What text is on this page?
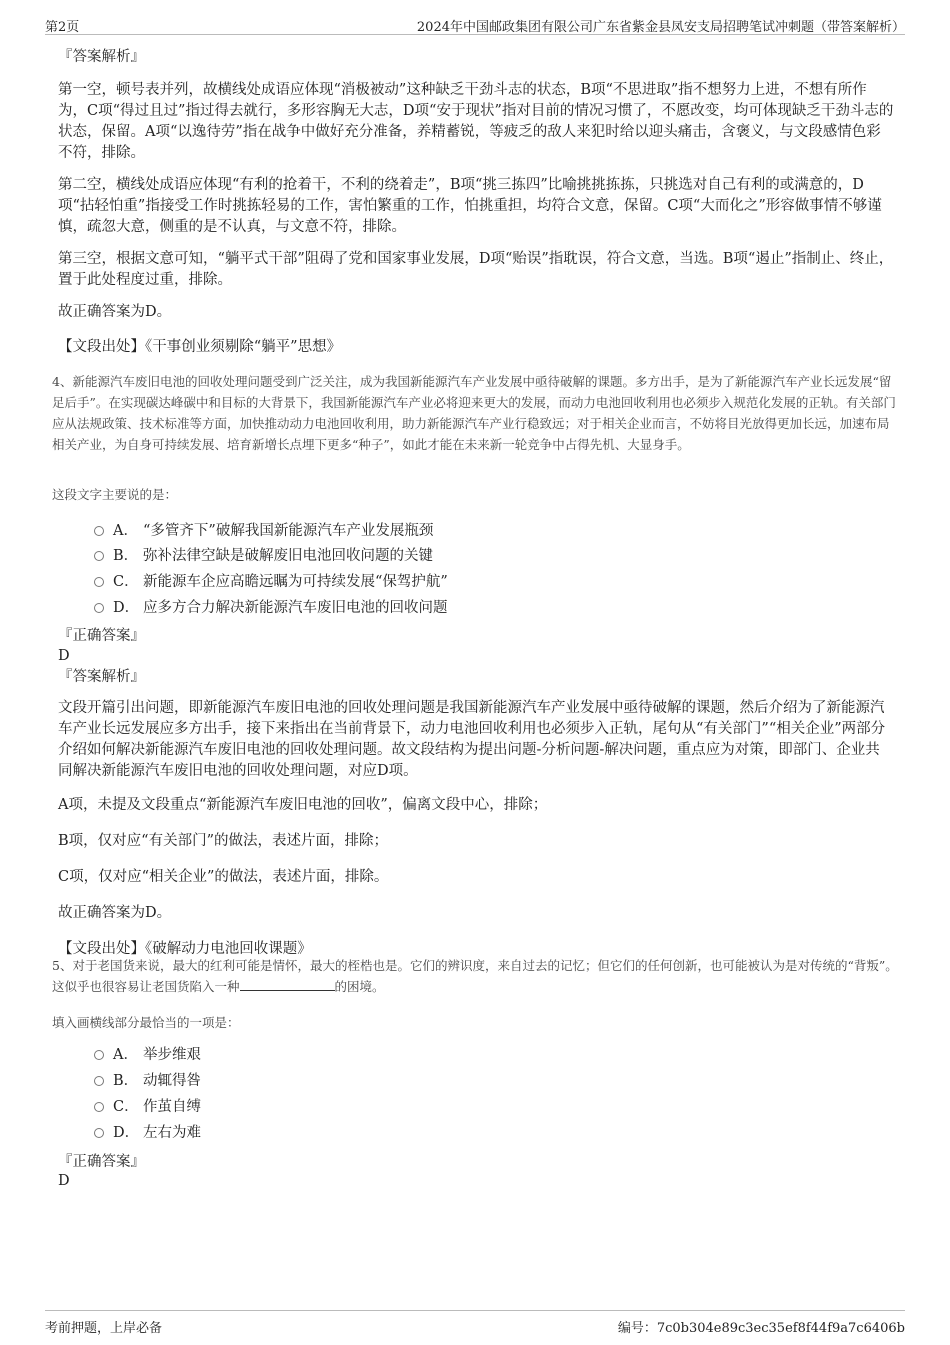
第2页	2024年中国邮政集团有限公司广东省紫金县凤安支局招聘笔试冲刺题（带答案解析）
『答案解析』

第一空，顿号表并列，故横线处成语应体现“消极被动”这种缺乏干劲斗志的状态，B项“不思进取”指不想努力上进，不想有所作为，C项“得过且过”指过得去就行，多形容胸无大志，D项“安于现状”指对目前的情况习惯了，不愿改变，均可体现缺乏干劲斗志的状态，保留。A项“以逸待劳”指在战争中做好充分准备，养精蓄锐，等疲乏的敌人来犯时给以迎头痛击，含褒义，与文段感情色彩不符，排除。

第二空，横线处成语应体现“有利的抢着干，不利的绕着走”，B项“挑三拣四”比喻挑挑拣拣，只挑选对自己有利的或满意的，D项“拈轻怕重”指接受工作时挑拣轻易的工作，害怕繁重的工作，怕挑重担，均符合文意，保留。C项“大而化之”形容做事情不够谨慎，疏忽大意，侧重的是不认真，与文意不符，排除。

第三空，根据文意可知，“躺平式干部”阻碍了党和国家事业发展，D项“贻误”指耽误，符合文意，当选。B项“遏止”指制止、终止，置于此处程度过重，排除。

故正确答案为D。

【文段出处】《干事创业须剔除“躺平”思想》

4、新能源汽车废旧电池的回收处理问题受到广泛关注，成为我国新能源汽车产业发展中亟待破解的课题。多方出手，是为了新能源汽车产业长远发展“留足后手”。在实现碳达峰碳中和目标的大背景下，我国新能源汽车产业必将迎来更大的发展，而动力电池回收利用也必须步入规范化发展的正轨。有关部门应从法规政策、技术标准等方面，加快推动动力电池回收利用，助力新能源汽车产业行稳致远；对于相关企业而言，不妨将目光放得更加长远，加速布局相关产业，为自身可持续发展、培育新增长点埋下更多“种子”，如此才能在未来新一轮竞争中占得先机、大显身手。
这段文字主要说的是：
A． “多管齐下”破解我国新能源汽车产业发展瓶颈
B． 弥补法律空缺是破解废旧电池回收问题的关键
C． 新能源车企应高瞻远瞩为可持续发展“保驾护航”
D． 应多方合力解决新能源汽车废旧电池的回收问题
『正确答案』
D
『答案解析』

文段开篇引出问题，即新能源汽车废旧电池的回收处理问题是我国新能源汽车产业发展中亟待破解的课题，然后介绍为了新能源汽车产业长远发展应多方出手，接下来指出在当前背景下，动力电池回收利用也必须步入正轨，尾句从“有关部门”“相关企业”两部分介绍如何解决新能源汽车废旧电池的回收处理问题。故文段结构为提出问题-分析问题-解决问题，重点应为对策，即部门、企业共同解决新能源汽车废旧电池的回收处理问题，对应D项。

A项，未提及文段重点“新能源汽车废旧电池的回收”，偏离文段中心，排除；

B项，仅对应“有关部门”的做法，表述片面，排除；

C项，仅对应“相关企业”的做法，表述片面，排除。

故正确答案为D。

【文段出处】《破解动力电池回收课题》

5、对于老国货来说，最大的红利可能是情怀，最大的桎梏也是。它们的辨识度，来自过去的记忆；但它们的任何创新，也可能被认为是对传统的“背叛”。这似乎也很容易让老国货陷入一种	的困境。
填入画横线部分最恰当的一项是：
A． 举步维艰
B． 动辄得咎
C． 作茧自缚
D． 左右为难
『正确答案』
D
考前押题，上岸必备	编号：7c0b304e89c3ec35ef8f44f9a7c6406b
